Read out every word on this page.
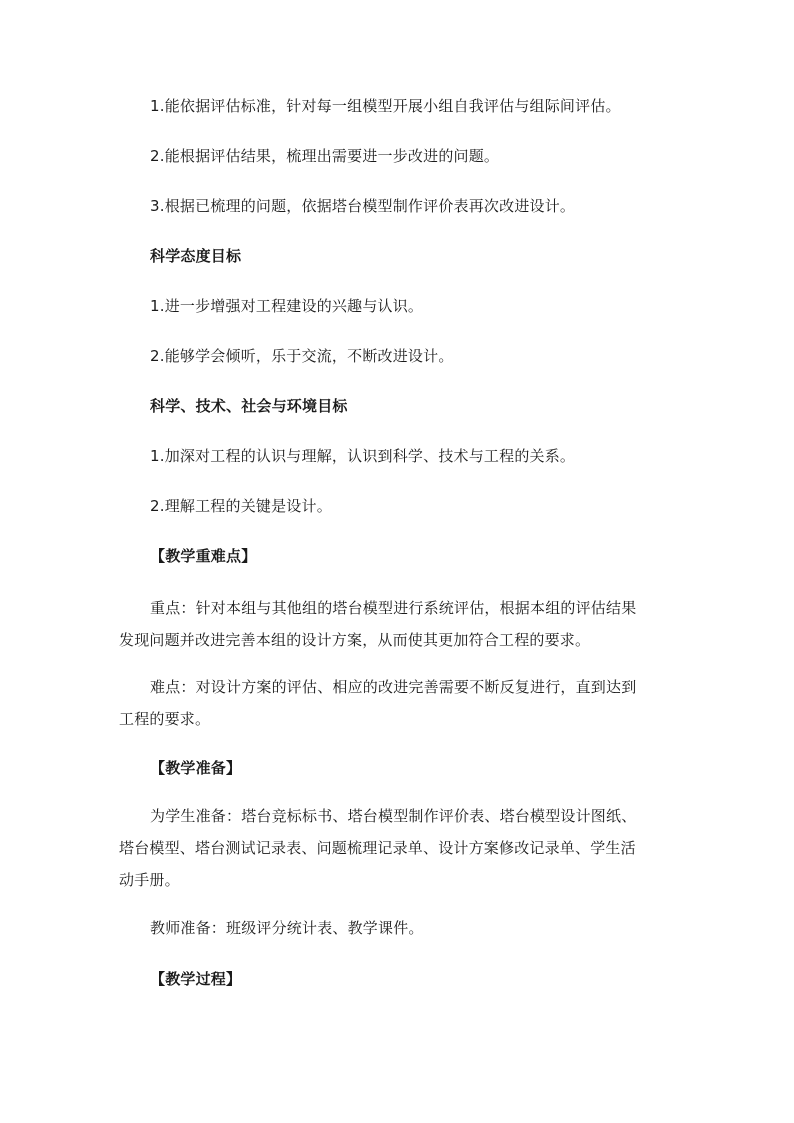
1.能依据评估标准，针对每一组模型开展小组自我评估与组际间评估。
2.能根据评估结果，梳理出需要进一步改进的问题。
3.根据已梳理的问题，依据塔台模型制作评价表再次改进设计。
科学态度目标
1.进一步增强对工程建设的兴趣与认识。
2.能够学会倾听，乐于交流，不断改进设计。
科学、技术、社会与环境目标
1.加深对工程的认识与理解，认识到科学、技术与工程的关系。
2.理解工程的关键是设计。
【教学重难点】
重点：针对本组与其他组的塔台模型进行系统评估，根据本组的评估结果
发现问题并改进完善本组的设计方案，从而使其更加符合工程的要求。
难点：对设计方案的评估、相应的改进完善需要不断反复进行，直到达到
工程的要求。
【教学准备】
为学生准备：塔台竞标标书、塔台模型制作评价表、塔台模型设计图纸、
塔台模型、塔台测试记录表、问题梳理记录单、设计方案修改记录单、学生活
动手册。
教师准备：班级评分统计表、教学课件。
【教学过程】
